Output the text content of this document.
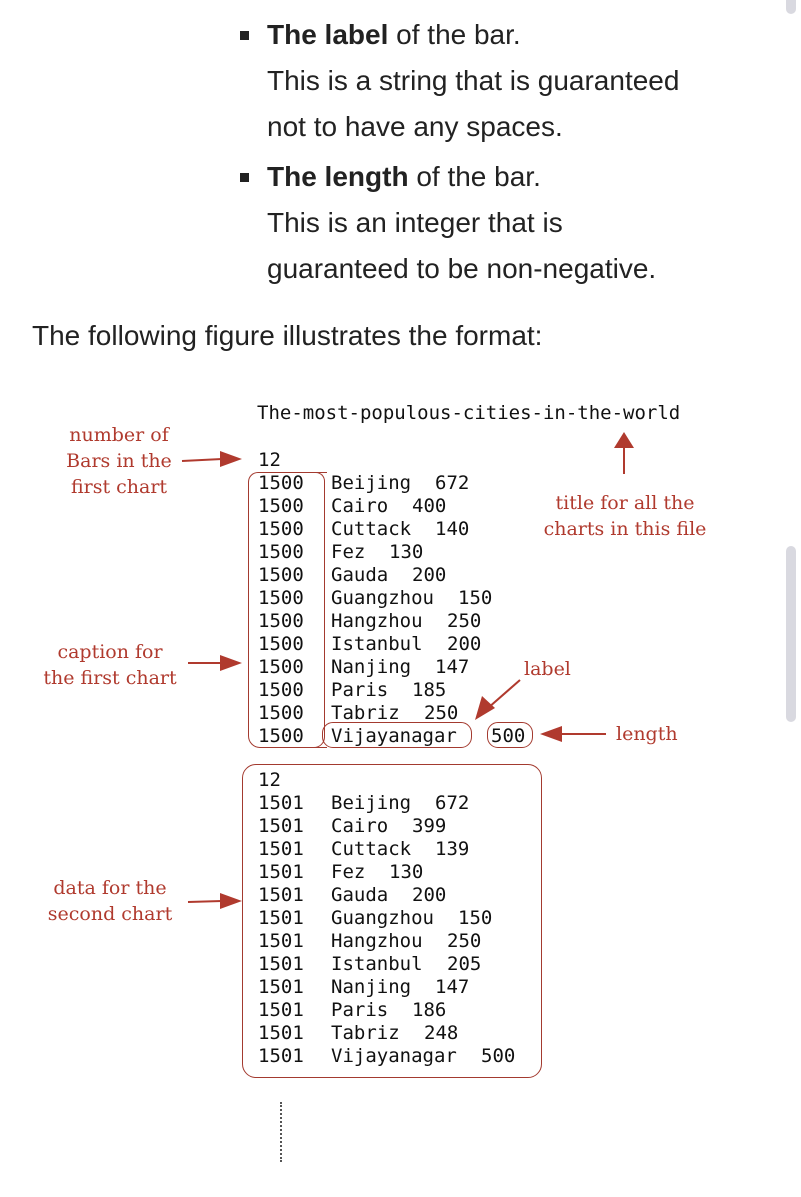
The label of the bar.
This is a string that is guaranteed
not to have any spaces.
The length of the bar.
This is an integer that is
guaranteed to be non-negative.
The following figure illustrates the format:
The-most-populous-cities-in-the-world
12
1500 Beijing 672
1500 Cairo 400
1500 Cuttack 140
1500 Fez 130
1500 Gauda 200
1500 Guangzhou 150
1500 Hangzhou 250
1500 Istanbul 200
1500 Nanjing 147
1500 Paris 185
1500 Tabriz 250
1500 Vijayanagar 500
12
1501 Beijing 672
1501 Cairo 399
1501 Cuttack 139
1501 Fez 130
1501 Gauda 200
1501 Guangzhou 150
1501 Hangzhou 250
1501 Istanbul 205
1501 Nanjing 147
1501 Paris 186
1501 Tabriz 248
1501 Vijayanagar 500
number of
Bars in the
first chart
title for all the
charts in this file
caption for
the first chart	label
length
data for the
second chart
